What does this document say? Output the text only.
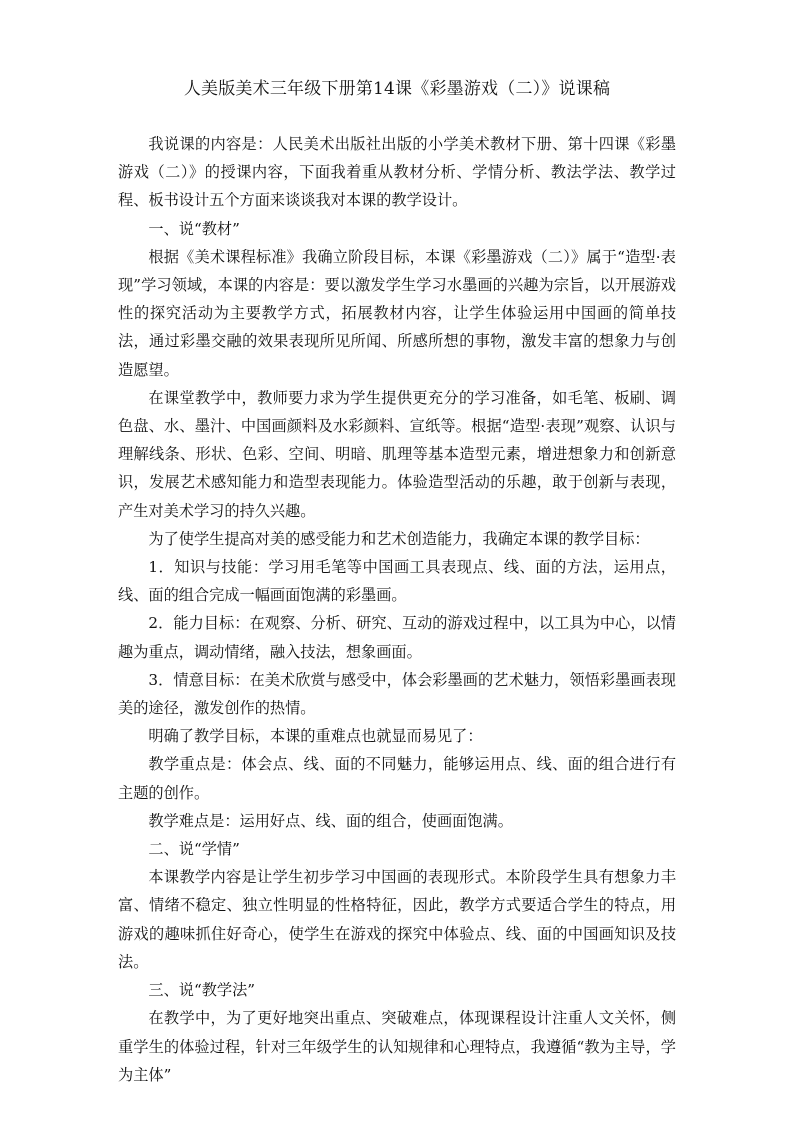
人美版美术三年级下册第14课《彩墨游戏（二）》说课稿

我说课的内容是：人民美术出版社出版的小学美术教材下册、第十四课《彩墨游戏（二）》的授课内容，下面我着重从教材分析、学情分析、教法学法、教学过程、板书设计五个方面来谈谈我对本课的教学设计。

一、说“教材”

根据《美术课程标准》我确立阶段目标，本课《彩墨游戏（二）》属于“造型·表现”学习领域，本课的内容是：要以激发学生学习水墨画的兴趣为宗旨，以开展游戏性的探究活动为主要教学方式，拓展教材内容，让学生体验运用中国画的简单技法，通过彩墨交融的效果表现所见所闻、所感所想的事物，激发丰富的想象力与创造愿望。

在课堂教学中，教师要力求为学生提供更充分的学习准备，如毛笔、板刷、调色盘、水、墨汁、中国画颜料及水彩颜料、宣纸等。根据“造型·表现”观察、认识与理解线条、形状、色彩、空间、明暗、肌理等基本造型元素，增进想象力和创新意识，发展艺术感知能力和造型表现能力。体验造型活动的乐趣，敢于创新与表现，产生对美术学习的持久兴趣。

为了使学生提高对美的感受能力和艺术创造能力，我确定本课的教学目标：

1．知识与技能：学习用毛笔等中国画工具表现点、线、面的方法，运用点，线、面的组合完成一幅画面饱满的彩墨画。

2．能力目标：在观察、分析、研究、互动的游戏过程中，以工具为中心，以情趣为重点，调动情绪，融入技法，想象画面。

3．情意目标：在美术欣赏与感受中，体会彩墨画的艺术魅力，领悟彩墨画表现美的途径，激发创作的热情。

明确了教学目标，本课的重难点也就显而易见了：

教学重点是：体会点、线、面的不同魅力，能够运用点、线、面的组合进行有主题的创作。

教学难点是：运用好点、线、面的组合，使画面饱满。

二、说“学情”

本课教学内容是让学生初步学习中国画的表现形式。本阶段学生具有想象力丰富、情绪不稳定、独立性明显的性格特征，因此，教学方式要适合学生的特点，用游戏的趣味抓住好奇心，使学生在游戏的探究中体验点、线、面的中国画知识及技法。

三、说“教学法”

在教学中，为了更好地突出重点、突破难点，体现课程设计注重人文关怀，侧重学生的体验过程，针对三年级学生的认知规律和心理特点，我遵循“教为主导，学为主体”
